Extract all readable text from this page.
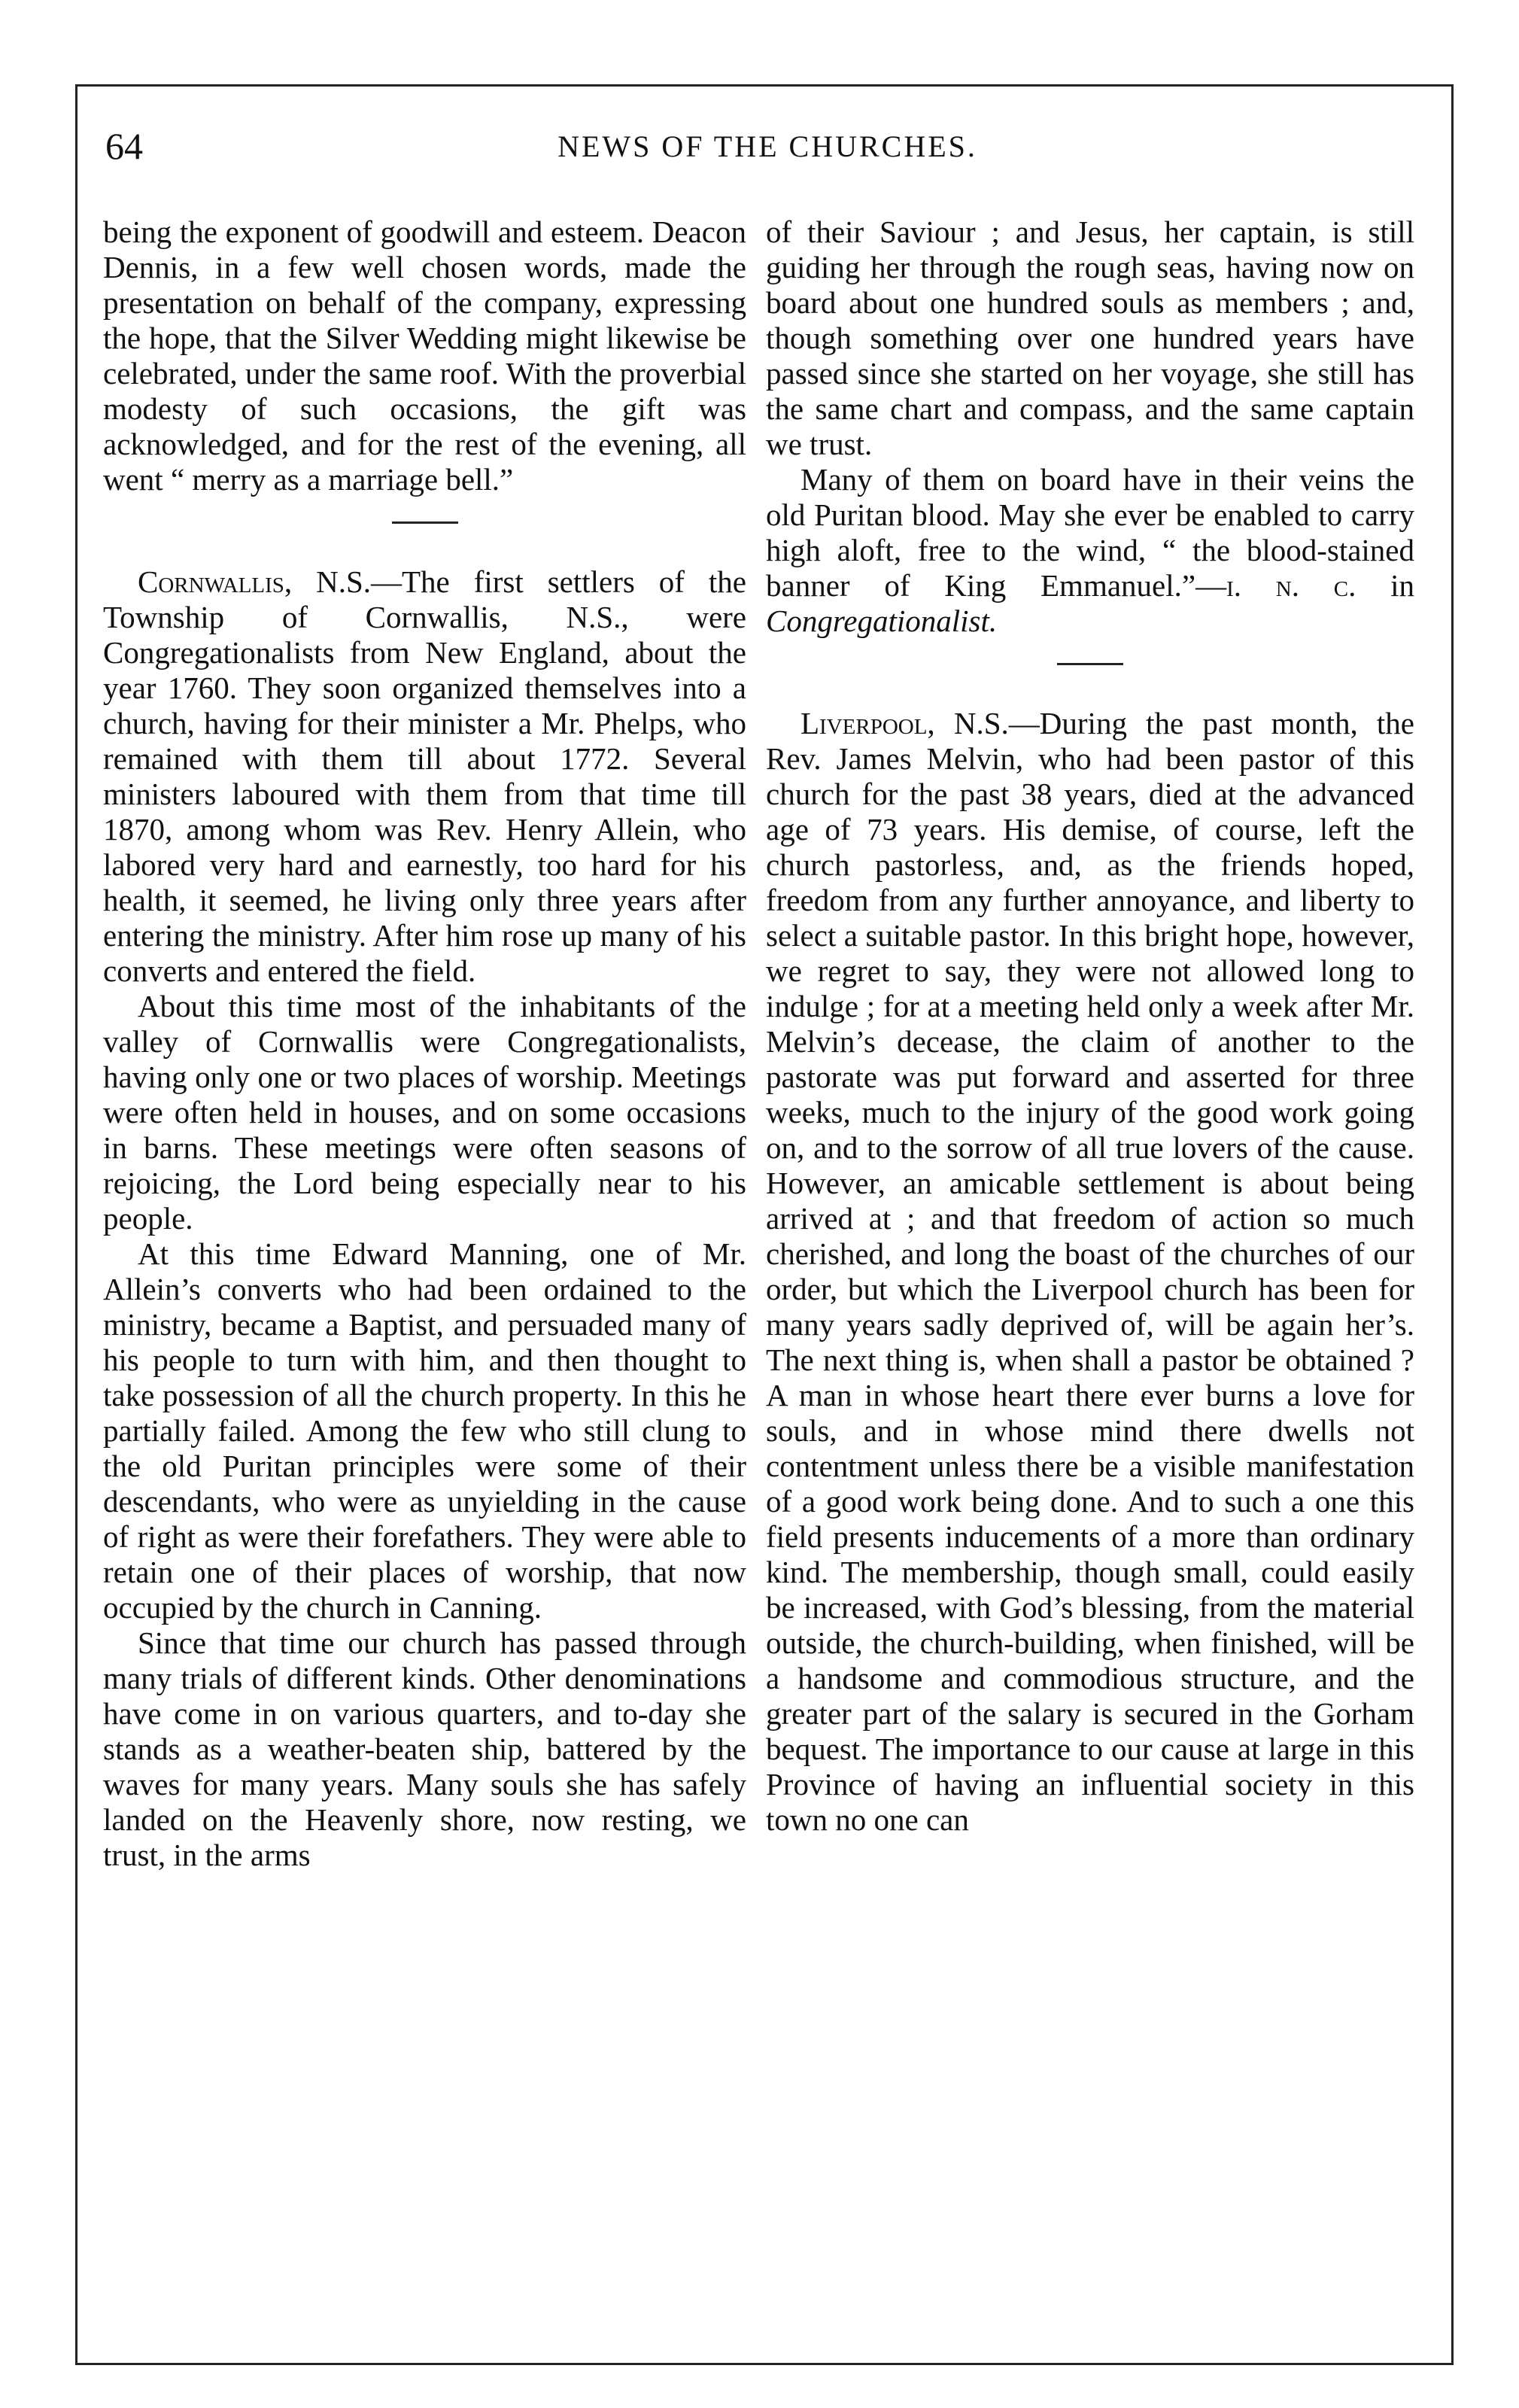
64	NEWS OF THE CHURCHES.

being the exponent of goodwill and esteem. Deacon Dennis, in a few well chosen words, made the presentation on behalf of the company, expressing the hope, that the Silver Wedding might likewise be celebrated, under the same roof. With the proverbial modesty of such occasions, the gift was acknowledged, and for the rest of the evening, all went “ merry as a marriage bell.”

Cornwallis, N.S.—The first settlers of the Township of Cornwallis, N.S., were Congregationalists from New England, about the year 1760. They soon organized themselves into a church, having for their minister a Mr. Phelps, who remained with them till about 1772. Several ministers laboured with them from that time till 1870, among whom was Rev. Henry Allein, who labored very hard and earnestly, too hard for his health, it seemed, he living only three years after entering the ministry. After him rose up many of his converts and entered the field.

About this time most of the inhabitants of the valley of Cornwallis were Congregationalists, having only one or two places of worship. Meetings were often held in houses, and on some occasions in barns. These meetings were often seasons of rejoicing, the Lord being especially near to his people.

At this time Edward Manning, one of Mr. Allein’s converts who had been ordained to the ministry, became a Baptist, and persuaded many of his people to turn with him, and then thought to take possession of all the church property. In this he partially failed. Among the few who still clung to the old Puritan principles were some of their descendants, who were as unyielding in the cause of right as were their forefathers. They were able to retain one of their places of worship, that now occupied by the church in Canning.

Since that time our church has passed through many trials of different kinds. Other denominations have come in on various quarters, and to-day she stands as a weather-beaten ship, battered by the waves for many years. Many souls she has safely landed on the Heavenly shore, now resting, we trust, in the arms

of their Saviour ; and Jesus, her captain, is still guiding her through the rough seas, having now on board about one hundred souls as members ; and, though something over one hundred years have passed since she started on her voyage, she still has the same chart and compass, and the same captain we trust.

Many of them on board have in their veins the old Puritan blood. May she ever be enabled to carry high aloft, free to the wind, “ the blood-stained banner of King Emmanuel.”—i. n. c. in Congregationalist.

Liverpool, N.S.—During the past month, the Rev. James Melvin, who had been pastor of this church for the past 38 years, died at the advanced age of 73 years. His demise, of course, left the church pastorless, and, as the friends hoped, freedom from any further annoyance, and liberty to select a suitable pastor. In this bright hope, however, we regret to say, they were not allowed long to indulge ; for at a meeting held only a week after Mr. Melvin’s decease, the claim of another to the pastorate was put forward and asserted for three weeks, much to the injury of the good work going on, and to the sorrow of all true lovers of the cause. However, an amicable settlement is about being arrived at ; and that freedom of action so much cherished, and long the boast of the churches of our order, but which the Liverpool church has been for many years sadly deprived of, will be again her’s. The next thing is, when shall a pastor be obtained ? A man in whose heart there ever burns a love for souls, and in whose mind there dwells not contentment unless there be a visible manifestation of a good work being done. And to such a one this field presents inducements of a more than ordinary kind. The membership, though small, could easily be increased, with God’s blessing, from the material outside, the church-building, when finished, will be a handsome and commodious structure, and the greater part of the salary is secured in the Gorham bequest. The importance to our cause at large in this Province of having an influential society in this town no one can
